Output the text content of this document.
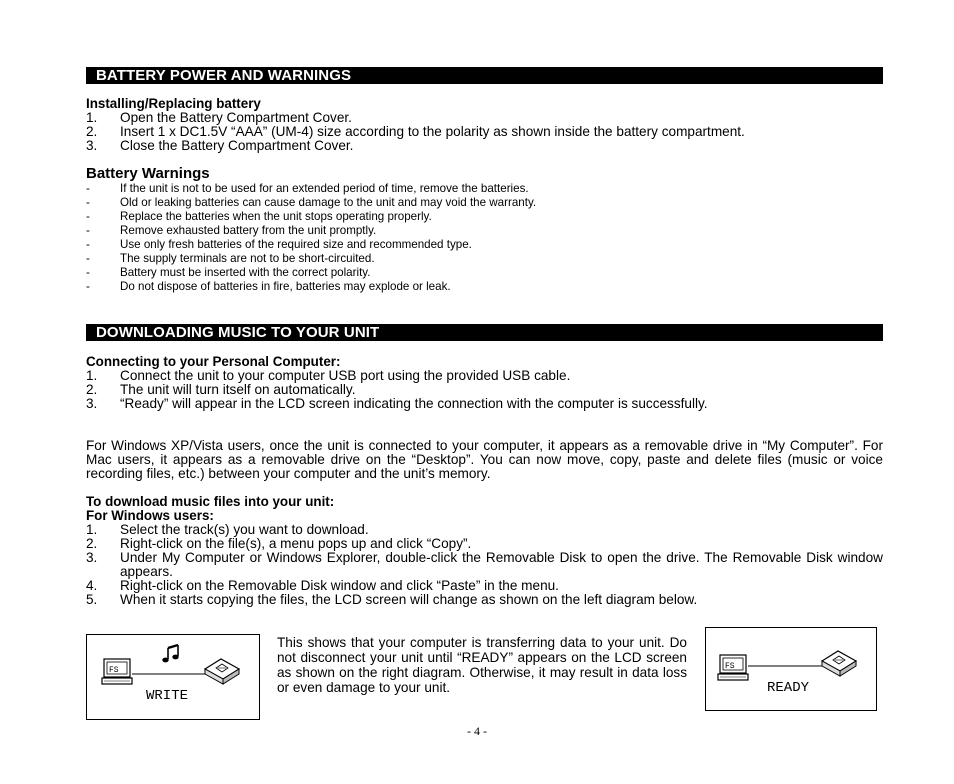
BATTERY POWER AND WARNINGS
Installing/Replacing battery
1. Open the Battery Compartment Cover.
2. Insert 1 x DC1.5V “AAA” (UM-4) size according to the polarity as shown inside the battery compartment.
3. Close the Battery Compartment Cover.
Battery Warnings
-	If the unit is not to be used for an extended period of time, remove the batteries.
-	Old or leaking batteries can cause damage to the unit and may void the warranty.
-	Replace the batteries when the unit stops operating properly.
-	Remove exhausted battery from the unit promptly.
-	Use only fresh batteries of the required size and recommended type.
-	The supply terminals are not to be short-circuited.
-	Battery must be inserted with the correct polarity.
-	Do not dispose of batteries in fire, batteries may explode or leak.
DOWNLOADING MUSIC TO YOUR UNIT
Connecting to your Personal Computer:
1. Connect the unit to your computer USB port using the provided USB cable.
2. The unit will turn itself on automatically.
3. “Ready” will appear in the LCD screen indicating the connection with the computer is successfully.
For Windows XP/Vista users, once the unit is connected to your computer, it appears as a removable drive in “My Computer”. For Mac users, it appears as a removable drive on the “Desktop”. You can now move, copy, paste and delete files (music or voice recording files, etc.) between your computer and the unit’s memory.
To download music files into your unit:
For Windows users:
1. Select the track(s) you want to download.
2. Right-click on the file(s), a menu pops up and click “Copy”.
3. Under My Computer or Windows Explorer, double-click the Removable Disk to open the drive. The Removable Disk window appears.
4. Right-click on the Removable Disk window and click “Paste” in the menu.
5. When it starts copying the files, the LCD screen will change as shown on the left diagram below.
FS
WRITE
This shows that your computer is transferring data to your unit. Do not disconnect your unit until “READY” appears on the LCD screen as shown on the right diagram. Otherwise, it may result in data loss or even damage to your unit.
FS
READY
- 4 -
